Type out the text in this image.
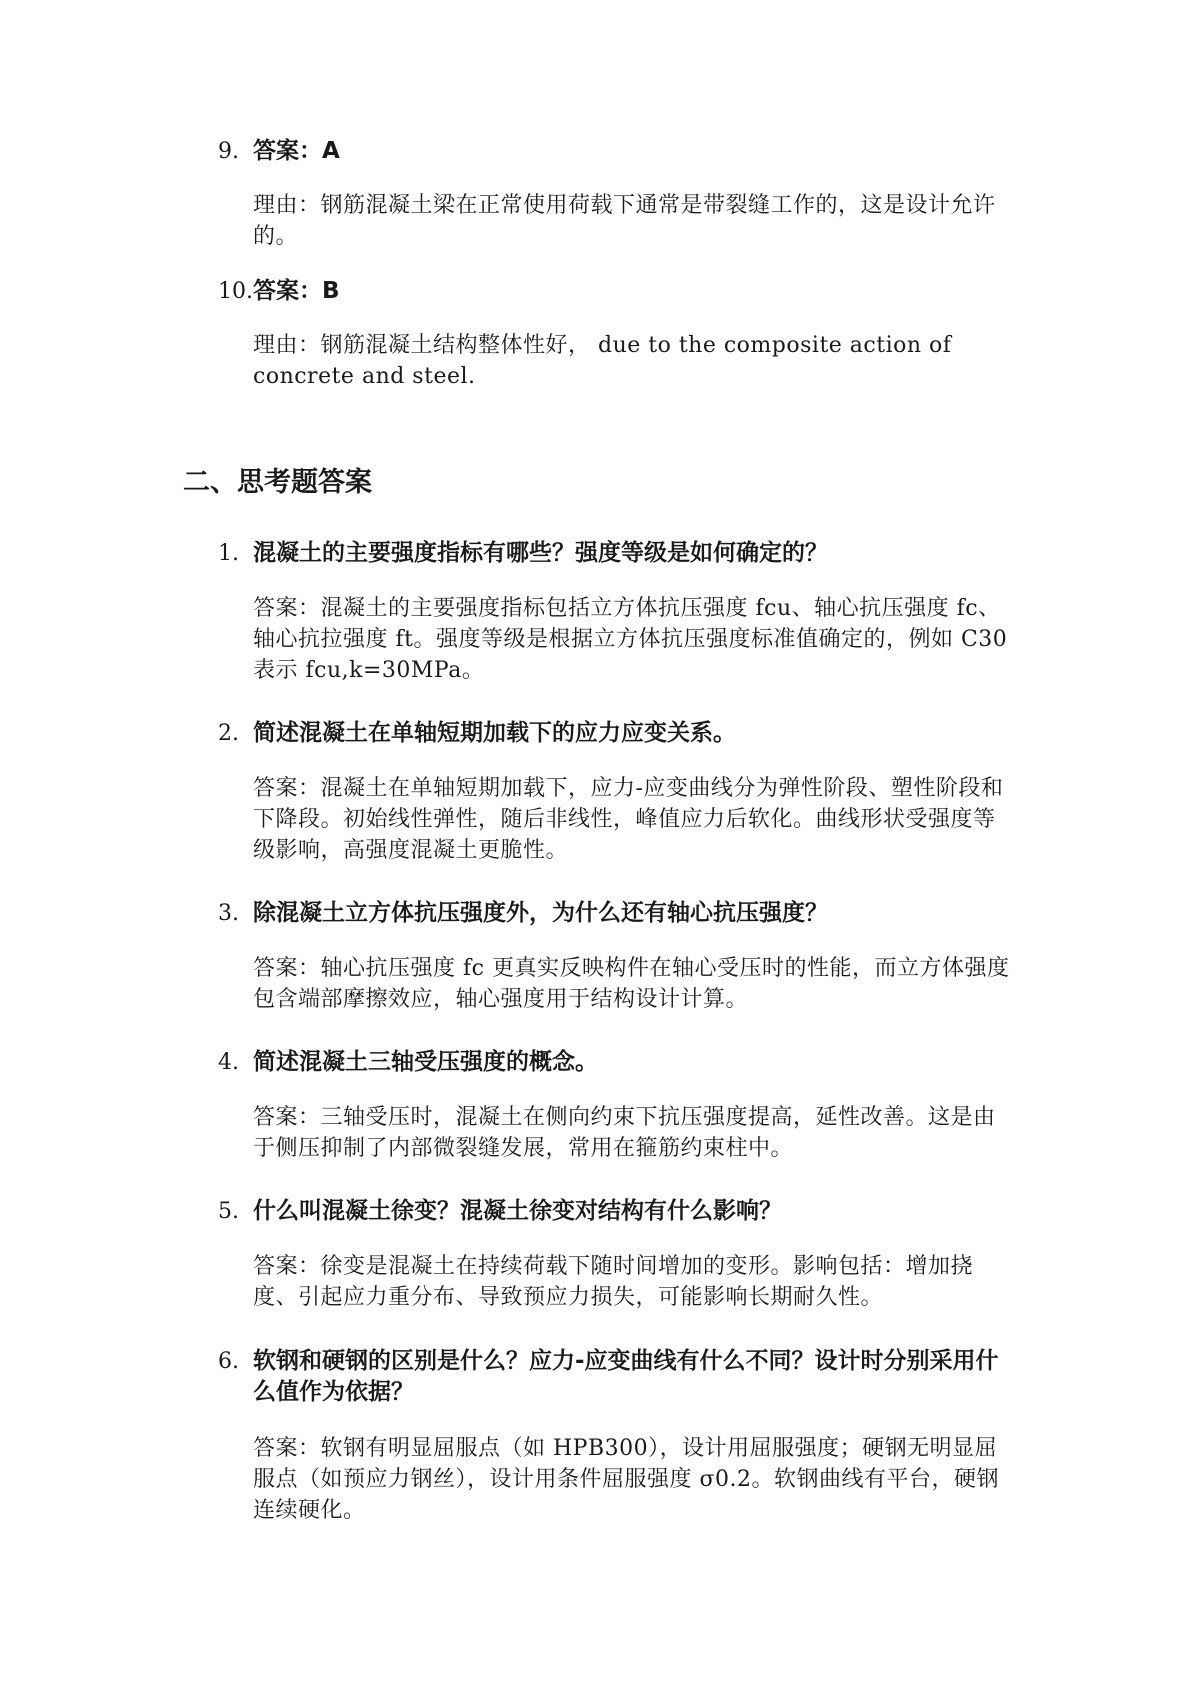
9. 答案：A
理由：钢筋混凝土梁在正常使用荷载下通常是带裂缝工作的，这是设计允许的。
10. 答案：B
理由：钢筋混凝土结构整体性好， due to the composite action of concrete and steel.
二、思考题答案
1. 混凝土的主要强度指标有哪些？强度等级是如何确定的？
答案：混凝土的主要强度指标包括立方体抗压强度 fcu、轴心抗压强度 fc、轴心抗拉强度 ft。强度等级是根据立方体抗压强度标准值确定的，例如 C30 表示 fcu,k=30MPa。
2. 简述混凝土在单轴短期加载下的应力应变关系。
答案：混凝土在单轴短期加载下，应力-应变曲线分为弹性阶段、塑性阶段和下降段。初始线性弹性，随后非线性，峰值应力后软化。曲线形状受强度等级影响，高强度混凝土更脆性。
3. 除混凝土立方体抗压强度外，为什么还有轴心抗压强度？
答案：轴心抗压强度 fc 更真实反映构件在轴心受压时的性能，而立方体强度包含端部摩擦效应，轴心强度用于结构设计计算。
4. 简述混凝土三轴受压强度的概念。
答案：三轴受压时，混凝土在侧向约束下抗压强度提高，延性改善。这是由于侧压抑制了内部微裂缝发展，常用在箍筋约束柱中。
5. 什么叫混凝土徐变？混凝土徐变对结构有什么影响？
答案：徐变是混凝土在持续荷载下随时间增加的变形。影响包括：增加挠度、引起应力重分布、导致预应力损失，可能影响长期耐久性。
6. 软钢和硬钢的区别是什么？应力-应变曲线有什么不同？设计时分别采用什么值作为依据？
答案：软钢有明显屈服点（如 HPB300），设计用屈服强度；硬钢无明显屈服点（如预应力钢丝），设计用条件屈服强度 σ0.2。软钢曲线有平台，硬钢连续硬化。
